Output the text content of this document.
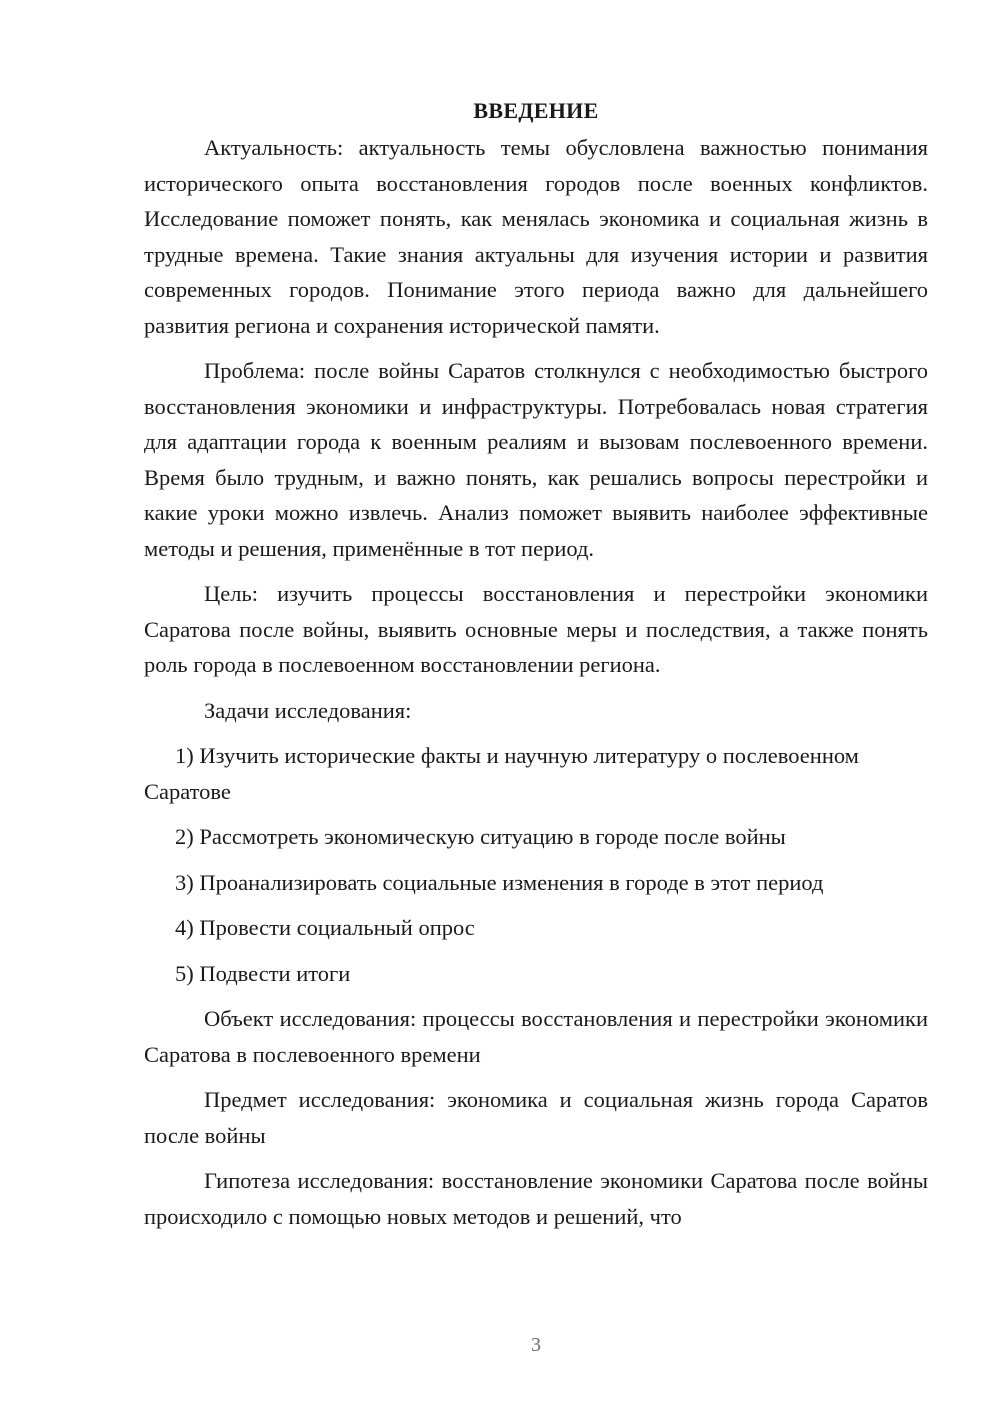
ВВЕДЕНИЕ

Актуальность: актуальность темы обусловлена важностью понимания исторического опыта восстановления городов после военных конфликтов. Исследование поможет понять, как менялась экономика и социальная жизнь в трудные времена. Такие знания актуальны для изучения истории и развития современных городов. Понимание этого периода важно для дальнейшего развития региона и сохранения исторической памяти.

Проблема: после войны Саратов столкнулся с необходимостью быстрого восстановления экономики и инфраструктуры. Потребовалась новая стратегия для адаптации города к военным реалиям и вызовам послевоенного времени. Время было трудным, и важно понять, как решались вопросы перестройки и какие уроки можно извлечь. Анализ поможет выявить наиболее эффективные методы и решения, применённые в тот период.

Цель: изучить процессы восстановления и перестройки экономики Саратова после войны, выявить основные меры и последствия, а также понять роль города в послевоенном восстановлении региона.

Задачи исследования:

1) Изучить исторические факты и научную литературу о послевоенном Саратове

2) Рассмотреть экономическую ситуацию в городе после войны

3) Проанализировать социальные изменения в городе в этот период

4) Провести социальный опрос

5) Подвести итоги

Объект исследования: процессы восстановления и перестройки экономики Саратова в послевоенного времени

Предмет исследования: экономика и социальная жизнь города Саратов после войны

Гипотеза исследования: восстановление экономики Саратова после войны происходило с помощью новых методов и решений, что

3
